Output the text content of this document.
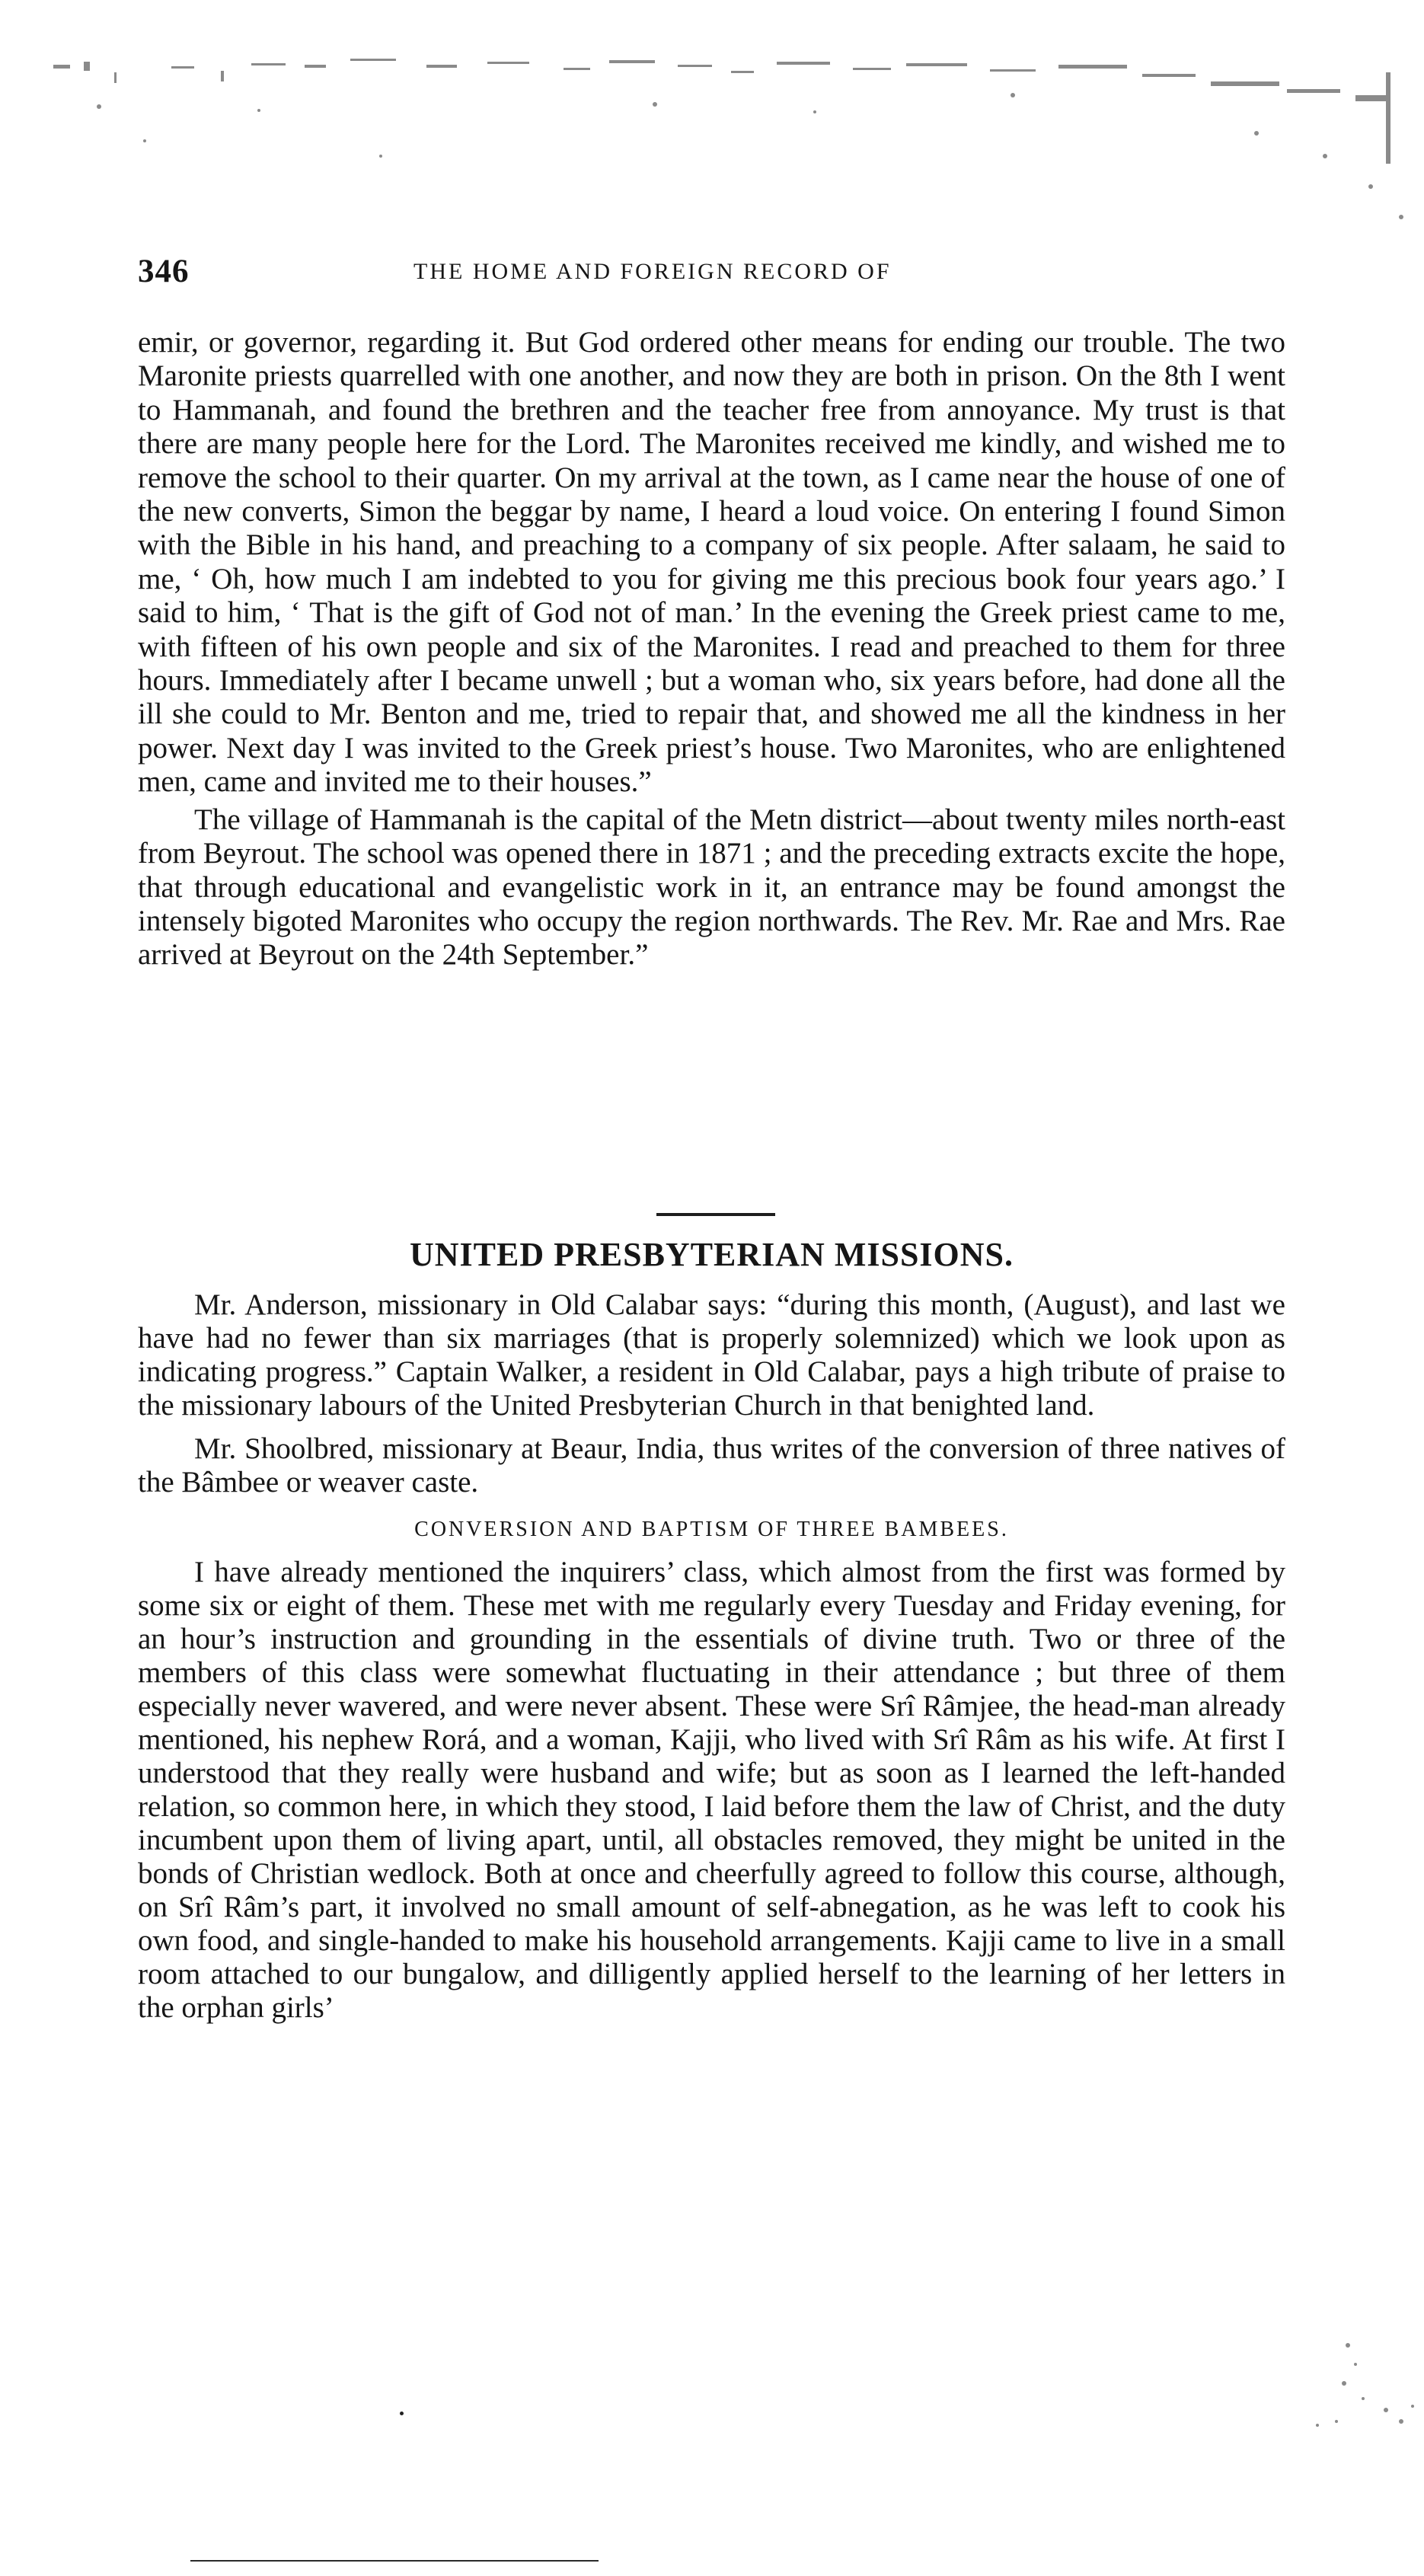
346	THE HOME AND FOREIGN RECORD OF

emir, or governor, regarding it. But God ordered other means for ending our trouble. The two Maronite priests quarrelled with one another, and now they are both in prison. On the 8th I went to Hammanah, and found the brethren and the teacher free from annoyance. My trust is that there are many people here for the Lord. The Maronites received me kindly, and wished me to remove the school to their quarter. On my arrival at the town, as I came near the house of one of the new converts, Simon the beggar by name, I heard a loud voice. On entering I found Simon with the Bible in his hand, and preaching to a company of six people. After salaam, he said to me, ‘ Oh, how much I am indebted to you for giving me this precious book four years ago.’ I said to him, ‘ That is the gift of God not of man.’ In the evening the Greek priest came to me, with fifteen of his own people and six of the Maronites. I read and preached to them for three hours. Immediately after I became unwell ; but a woman who, six years before, had done all the ill she could to Mr. Benton and me, tried to repair that, and showed me all the kindness in her power. Next day I was invited to the Greek priest’s house. Two Maronites, who are enlightened men, came and invited me to their houses.”

The village of Hammanah is the capital of the Metn district—about twenty miles north-east from Beyrout. The school was opened there in 1871 ; and the preceding extracts excite the hope, that through educational and evangelistic work in it, an entrance may be found amongst the intensely bigoted Maronites who occupy the region northwards. The Rev. Mr. Rae and Mrs. Rae arrived at Beyrout on the 24th September.”

UNITED PRESBYTERIAN MISSIONS.

Mr. Anderson, missionary in Old Calabar says: “during this month, (August), and last we have had no fewer than six marriages (that is properly solemnized) which we look upon as indicating progress.” Captain Walker, a resident in Old Calabar, pays a high tribute of praise to the missionary labours of the United Presbyterian Church in that benighted land.

Mr. Shoolbred, missionary at Beaur, India, thus writes of the conversion of three natives of the Bâmbee or weaver caste.

CONVERSION AND BAPTISM OF THREE BAMBEES.

I have already mentioned the inquirers’ class, which almost from the first was formed by some six or eight of them. These met with me regularly every Tuesday and Friday evening, for an hour’s instruction and grounding in the essentials of divine truth. Two or three of the members of this class were somewhat fluctuating in their attendance ; but three of them especially never wavered, and were never absent. These were Srî Râmjee, the head-man already mentioned, his nephew Rorá, and a woman, Kajji, who lived with Srî Râm as his wife. At first I understood that they really were husband and wife; but as soon as I learned the left-handed relation, so common here, in which they stood, I laid before them the law of Christ, and the duty incumbent upon them of living apart, until, all obstacles removed, they might be united in the bonds of Christian wedlock. Both at once and cheerfully agreed to follow this course, although, on Srî Râm’s part, it involved no small amount of self-abnegation, as he was left to cook his own food, and single-handed to make his household arrangements. Kajji came to live in a small room attached to our bungalow, and dilligently applied herself to the learning of her letters in the orphan girls’
